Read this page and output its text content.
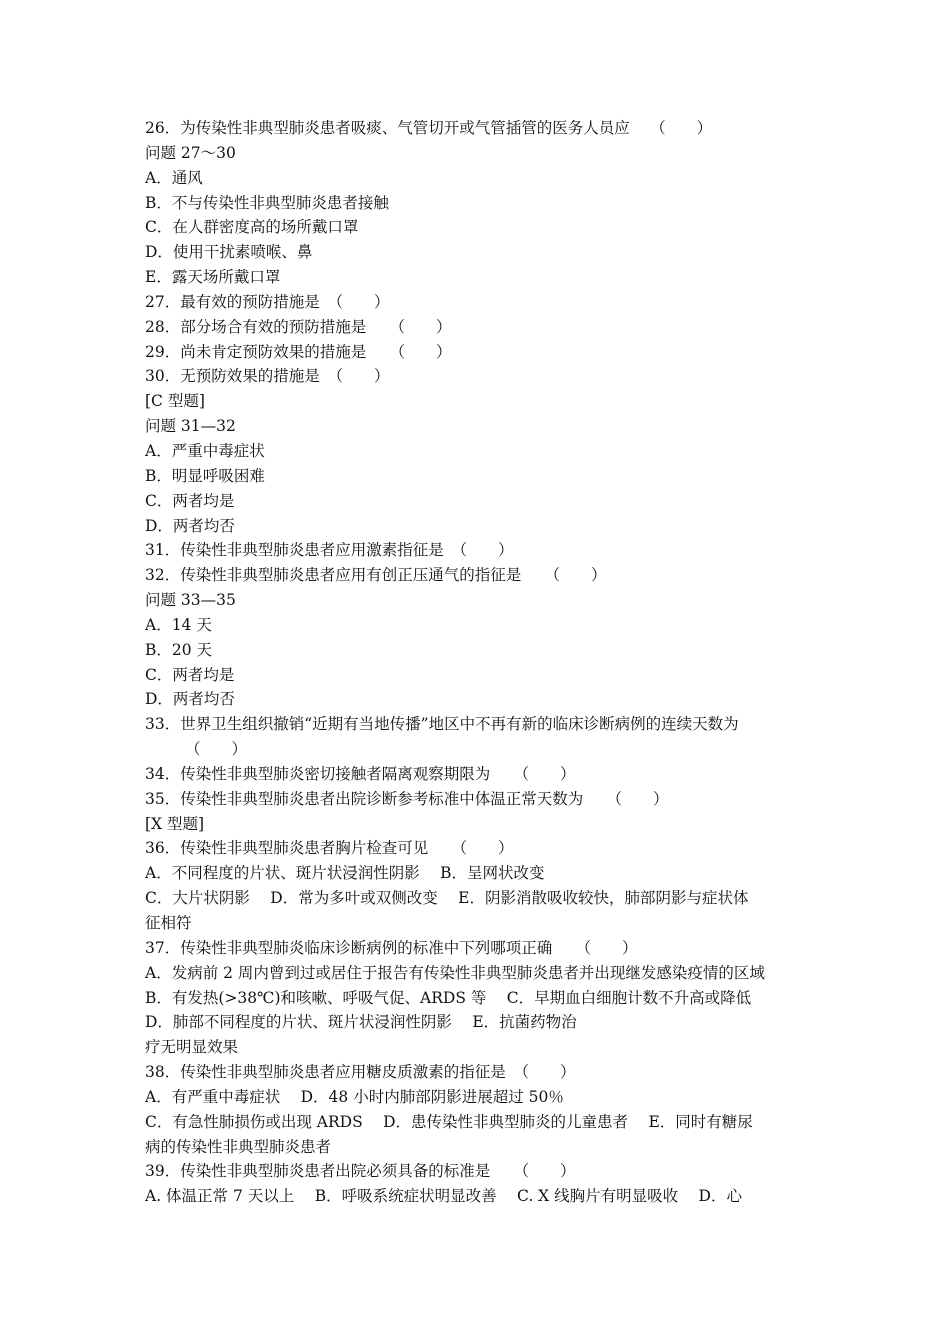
26．为传染性非典型肺炎患者吸痰、气管切开或气管插管的医务人员应　 （　　）
问题 27～30
A．通风
B．不与传染性非典型肺炎患者接触
C．在人群密度高的场所戴口罩
D．使用干扰素喷喉、鼻
E．露天场所戴口罩
27．最有效的预防措施是　（　　）
28．部分场合有效的预防措施是　　（　　）
29．尚未肯定预防效果的措施是　　（　　）
30．无预防效果的措施是　（　　）
[C 型题]
问题 31—32
A．严重中毒症状
B．明显呼吸困难
C．两者均是
D．两者均否
31．传染性非典型肺炎患者应用激素指征是　（　　）
32．传染性非典型肺炎患者应用有创正压通气的指征是　　（　　）
问题 33—35
A．14 天
B．20 天
C．两者均是
D．两者均否
33．世界卫生组织撤销“近期有当地传播”地区中不再有新的临床诊断病例的连续天数为
（　　）
34．传染性非典型肺炎密切接触者隔离观察期限为　　（　　）
35．传染性非典型肺炎患者出院诊断参考标准中体温正常天数为　　（　　）
[X 型题]
36．传染性非典型肺炎患者胸片检查可见　　（　　）
A．不同程度的片状、斑片状浸润性阴影　 B．呈网状改变
C．大片状阴影　 D．常为多叶或双侧改变　 E．阴影消散吸收较快，肺部阴影与症状体
征相符
37．传染性非典型肺炎临床诊断病例的标准中下列哪项正确　　（　　）
A．发病前 2 周内曾到过或居住于报告有传染性非典型肺炎患者并出现继发感染疫情的区域
B．有发热(>38℃)和咳嗽、呼吸气促、ARDS 等　 C．早期血白细胞计数不升高或降低
D．肺部不同程度的片状、斑片状浸润性阴影　 E．抗菌药物治
疗无明显效果
38．传染性非典型肺炎患者应用糖皮质激素的指征是　（　　）
A．有严重中毒症状　 D．48 小时内肺部阴影进展超过 50％
C．有急性肺损伤或出现 ARDS　 D．患传染性非典型肺炎的儿童患者　 E．同时有糖尿
病的传染性非典型肺炎患者
39．传染性非典型肺炎患者出院必须具备的标准是　　（　　）
A. 体温正常 7 天以上　 B．呼吸系统症状明显改善　 C. X 线胸片有明显吸收　 D．心
